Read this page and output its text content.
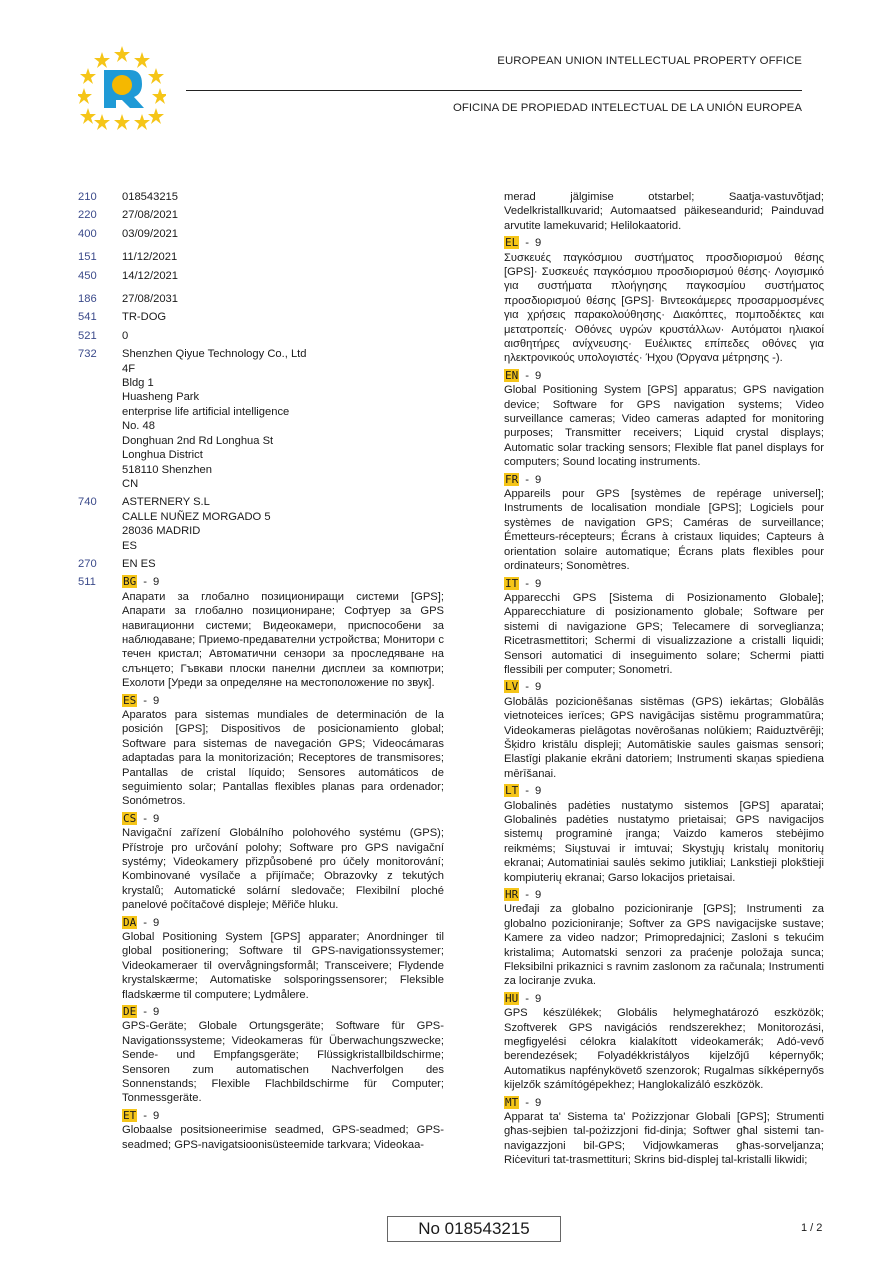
EUROPEAN UNION INTELLECTUAL PROPERTY OFFICE
OFICINA DE PROPIEDAD INTELECTUAL DE LA UNIÓN EUROPEA
210	018543215
220	27/08/2021
400	03/09/2021
151	11/12/2021
450	14/12/2021
186	27/08/2031
541	TR-DOG
521	0
732	Shenzhen Qiyue Technology Co., Ltd
4F
Bldg 1
Huasheng Park
enterprise life artificial intelligence
No. 48
Donghuan 2nd Rd Longhua St
Longhua District
518110 Shenzhen
CN
740	ASTERNERY S.L
CALLE NUÑEZ MORGADO 5
28036 MADRID
ES
270	EN ES
511	BG - 9
Апарати за глобално позициониращи системи [GPS]; Апарати за глобално позициониране; Софтуер за GPS навигационни системи; Видеокамери, приспособени за наблюдаване; Приемо-предавателни устройства; Монитори с течен кристал; Автоматични сензори за проследяване на слънцето; Гъвкави плоски панелни дисплеи за компютри; Ехолоти [Уреди за определяне на местоположение по звук].
ES - 9
Aparatos para sistemas mundiales de determinación de la posición [GPS]; Dispositivos de posicionamiento global; Software para sistemas de navegación GPS; Videocámaras adaptadas para la monitorización; Receptores de transmisores; Pantallas de cristal líquido; Sensores automáticos de seguimiento solar; Pantallas flexibles planas para ordenador; Sonómetros.
CS - 9
Navigační zařízení Globálního polohového systému (GPS); Přístroje pro určování polohy; Software pro GPS navigační systémy; Videokamery přizpůsobené pro účely monitorování; Kombinované vysílače a přijímače; Obrazovky z tekutých krystalů; Automatické solární sledovače; Flexibilní ploché panelové počítačové displeje; Měřiče hluku.
DA - 9
Global Positioning System [GPS] apparater; Anordninger til global positionering; Software til GPS-navigationssystemer; Videokameraer til overvågningsformål; Transceivere; Flydende krystalskærme; Automatiske solsporingssensorer; Fleksible fladskærme til computere; Lydmålere.
DE - 9
GPS-Geräte; Globale Ortungsgeräte; Software für GPS-Navigationssysteme; Videokameras für Überwachungszwecke; Sende- und Empfangsgeräte; Flüssigkristallbildschirme; Sensoren zum automatischen Nachverfolgen des Sonnenstands; Flexible Flachbildschirme für Computer; Tonmessgeräte.
ET - 9
Globaalse positsioneerimise seadmed, GPS-seadmed; GPS-seadmed; GPS-navigatsioonisüsteemide tarkvara; Videokaa-
merad jälgimise otstarbel; Saatja-vastuvõtjad; Vedelkristallkuvarid; Automaatsed päikeseandurid; Painduvad arvutite lamekuvarid; Helilokaatorid.
EL - 9
Συσκευές παγκόσμιου συστήματος προσδιορισμού θέσης [GPS]· Συσκευές παγκόσμιου προσδιορισμού θέσης· Λογισμικό για συστήματα πλοήγησης παγκοσμίου συστήματος προσδιορισμού θέσης [GPS]· Βιντεοκάμερες προσαρμοσμένες για χρήσεις παρακολούθησης· Διακόπτες, πομποδέκτες και μετατροπείς· Οθόνες υγρών κρυστάλλων· Αυτόματοι ηλιακοί αισθητήρες ανίχνευσης· Ευέλικτες επίπεδες οθόνες για ηλεκτρονικούς υπολογιστές· Ήχου (Όργανα μέτρησης -).
EN - 9
Global Positioning System [GPS] apparatus; GPS navigation device; Software for GPS navigation systems; Video surveillance cameras; Video cameras adapted for monitoring purposes; Transmitter receivers; Liquid crystal displays; Automatic solar tracking sensors; Flexible flat panel displays for computers; Sound locating instruments.
FR - 9
Appareils pour GPS [systèmes de repérage universel]; Instruments de localisation mondiale [GPS]; Logiciels pour systèmes de navigation GPS; Caméras de surveillance; Émetteurs-récepteurs; Écrans à cristaux liquides; Capteurs à orientation solaire automatique; Écrans plats flexibles pour ordinateurs; Sonomètres.
IT - 9
Apparecchi GPS [Sistema di Posizionamento Globale]; Apparecchiature di posizionamento globale; Software per sistemi di navigazione GPS; Telecamere di sorveglianza; Ricetrasmettitori; Schermi di visualizzazione a cristalli liquidi; Sensori automatici di inseguimento solare; Schermi piatti flessibili per computer; Sonometri.
LV - 9
Globālās pozicionēšanas sistēmas (GPS) iekārtas; Globālās vietnoteices ierīces; GPS navigācijas sistēmu programmatūra; Videokameras pielāgotas novērošanas nolūkiem; Raiduztvērēji; Šķidro kristālu displeji; Automātiskie saules gaismas sensori; Elastīgi plakanie ekrāni datoriem; Instrumenti skaņas spiediena mērīšanai.
LT - 9
Globalinės padėties nustatymo sistemos [GPS] aparatai; Globalinės padėties nustatymo prietaisai; GPS navigacijos sistemų programinė įranga; Vaizdo kameros stebėjimo reikmėms; Siųstuvai ir imtuvai; Skystųjų kristalų monitorių ekranai; Automatiniai saulės sekimo jutikliai; Lankstieji plokštieji kompiuterių ekranai; Garso lokacijos prietaisai.
HR - 9
Uređaji za globalno pozicioniranje [GPS]; Instrumenti za globalno pozicioniranje; Softver za GPS navigacijske sustave; Kamere za video nadzor; Primopredajnici; Zasloni s tekućim kristalima; Automatski senzori za praćenje položaja sunca; Fleksibilni prikaznici s ravnim zaslonom za računala; Instrumenti za lociranje zvuka.
HU - 9
GPS készülékek; Globális helymeghatározó eszközök; Szoftverek GPS navigációs rendszerekhez; Monitorozási, megfigyelési célokra kialakított videokamerák; Adó-vevő berendezések; Folyadékkristályos kijelzőjű képernyők; Automatikus napfénykövető szenzorok; Rugalmas síkképernyős kijelzők számítógépekhez; Hanglokalizáló eszközök.
MT - 9
Apparat ta' Sistema ta' Pożizzjonar Globali [GPS]; Strumenti għas-sejbien tal-pożizzjoni fid-dinja; Softwer għal sistemi tan-navigazzjoni bil-GPS; Vidjowkameras għas-sorveljanza; Riċevituri tat-trasmettituri; Skrins bid-displej tal-kristalli likwidi;
No 018543215	1 / 2
